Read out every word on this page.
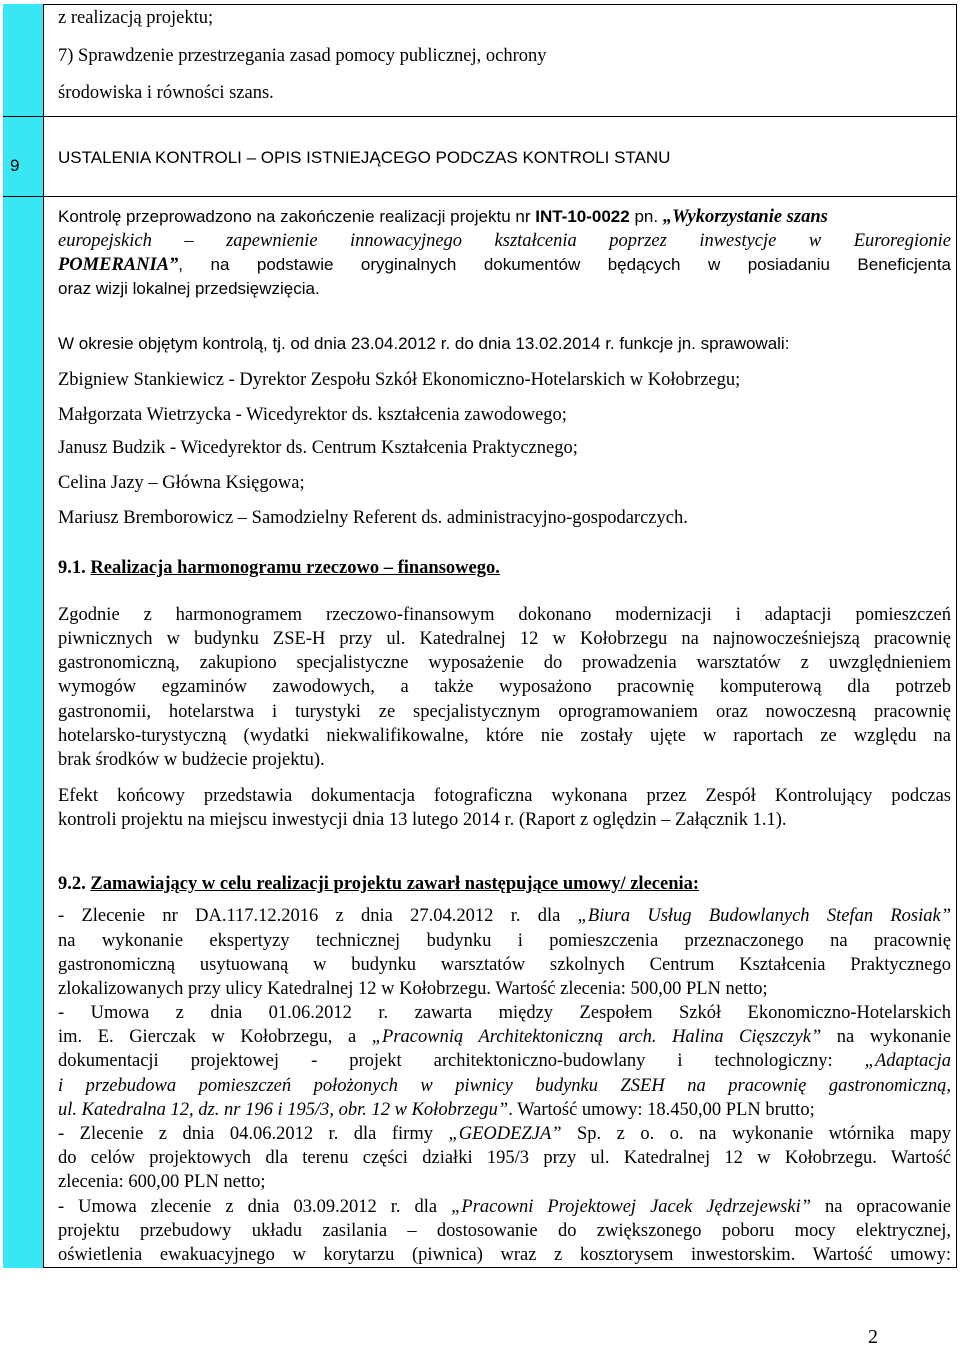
9
z realizacją projektu;
7) Sprawdzenie przestrzegania zasad pomocy publicznej, ochrony
środowiska i równości szans.
USTALENIA KONTROLI – OPIS ISTNIEJĄCEGO PODCZAS KONTROLI STANU
Kontrolę przeprowadzono na zakończenie realizacji projektu nr INT-10-0022 pn. „Wykorzystanie szans
europejskich – zapewnienie innowacyjnego kształcenia poprzez inwestycje w Euroregionie
POMERANIA”, na podstawie oryginalnych dokumentów będących w posiadaniu Beneficjenta
oraz wizji lokalnej przedsięwzięcia.
W okresie objętym kontrolą, tj. od dnia 23.04.2012 r. do dnia 13.02.2014 r. funkcje jn. sprawowali:
Zbigniew Stankiewicz - Dyrektor Zespołu Szkół Ekonomiczno-Hotelarskich w Kołobrzegu;
Małgorzata Wietrzycka - Wicedyrektor ds. kształcenia zawodowego;
Janusz Budzik - Wicedyrektor ds. Centrum Kształcenia Praktycznego;
Celina Jazy – Główna Księgowa;
Mariusz Bremborowicz – Samodzielny Referent ds. administracyjno-gospodarczych.
9.1. Realizacja harmonogramu rzeczowo – finansowego.
Zgodnie z harmonogramem rzeczowo-finansowym dokonano modernizacji i adaptacji pomieszczeń
piwnicznych w budynku ZSE-H przy ul. Katedralnej 12 w Kołobrzegu na najnowocześniejszą pracownię
gastronomiczną, zakupiono specjalistyczne wyposażenie do prowadzenia warsztatów z uwzględnieniem
wymogów egzaminów zawodowych, a także wyposażono pracownię komputerową dla potrzeb
gastronomii, hotelarstwa i turystyki ze specjalistycznym oprogramowaniem oraz nowoczesną pracownię
hotelarsko-turystyczną (wydatki niekwalifikowalne, które nie zostały ujęte w raportach ze względu na
brak środków w budżecie projektu).
Efekt końcowy przedstawia dokumentacja fotograficzna wykonana przez Zespół Kontrolujący podczas
kontroli projektu na miejscu inwestycji dnia 13 lutego 2014 r. (Raport z oględzin – Załącznik 1.1).
9.2. Zamawiający w celu realizacji projektu zawarł następujące umowy/ zlecenia:
- Zlecenie nr DA.117.12.2016 z dnia 27.04.2012 r. dla „Biura Usług Budowlanych Stefan Rosiak”
na wykonanie ekspertyzy technicznej budynku i pomieszczenia przeznaczonego na pracownię
gastronomiczną usytuowaną w budynku warsztatów szkolnych Centrum Kształcenia Praktycznego
zlokalizowanych przy ulicy Katedralnej 12 w Kołobrzegu. Wartość zlecenia: 500,00 PLN netto;
- Umowa z dnia 01.06.2012 r. zawarta między Zespołem Szkół Ekonomiczno-Hotelarskich
im. E. Gierczak w Kołobrzegu, a „Pracownią Architektoniczną arch. Halina Cięszczyk” na wykonanie
dokumentacji projektowej - projekt architektoniczno-budowlany i technologiczny: „Adaptacja
i przebudowa pomieszczeń położonych w piwnicy budynku ZSEH na pracownię gastronomiczną,
ul. Katedralna 12, dz. nr 196 i 195/3, obr. 12 w Kołobrzegu”. Wartość umowy: 18.450,00 PLN brutto;
- Zlecenie z dnia 04.06.2012 r. dla firmy „GEODEZJA” Sp. z o. o. na wykonanie wtórnika mapy
do celów projektowych dla terenu części działki 195/3 przy ul. Katedralnej 12 w Kołobrzegu. Wartość
zlecenia: 600,00 PLN netto;
- Umowa zlecenie z dnia 03.09.2012 r. dla „Pracowni Projektowej Jacek Jędrzejewski” na opracowanie
projektu przebudowy układu zasilania – dostosowanie do zwiększonego poboru mocy elektrycznej,
oświetlenia ewakuacyjnego w korytarzu (piwnica) wraz z kosztorysem inwestorskim. Wartość umowy:
2
